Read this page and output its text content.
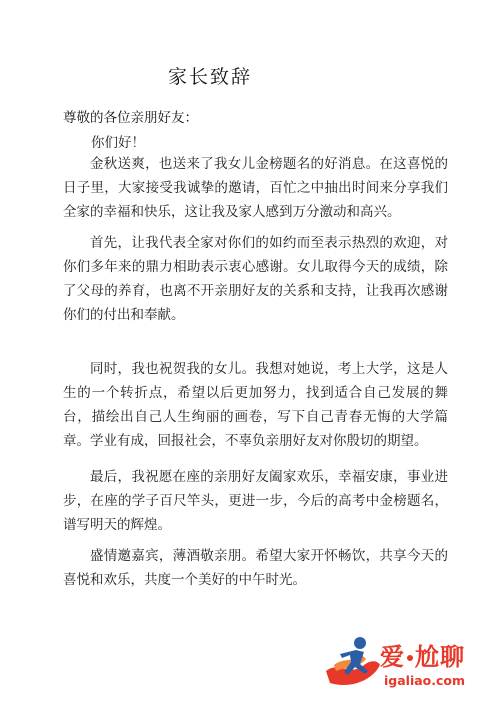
家长致辞
尊敬的各位亲朋好友：
你们好！

金秋送爽，也送来了我女儿金榜题名的好消息。在这喜悦的日子里，大家接受我诚挚的邀请，百忙之中抽出时间来分享我们全家的幸福和快乐，这让我及家人感到万分激动和高兴。

首先，让我代表全家对你们的如约而至表示热烈的欢迎，对你们多年来的鼎力相助表示衷心感谢。女儿取得今天的成绩，除了父母的养育，也离不开亲朋好友的关系和支持，让我再次感谢你们的付出和奉献。

同时，我也祝贺我的女儿。我想对她说，考上大学，这是人生的一个转折点，希望以后更加努力，找到适合自己发展的舞台，描绘出自己人生绚丽的画卷，写下自己青春无悔的大学篇章。学业有成，回报社会，不辜负亲朋好友对你殷切的期望。

最后，我祝愿在座的亲朋好友阖家欢乐，幸福安康，事业进步，在座的学子百尺竿头，更进一步，今后的高考中金榜题名，谱写明天的辉煌。

盛情邀嘉宾，薄酒敬亲朋。希望大家开怀畅饮，共享今天的喜悦和欢乐，共度一个美好的中午时光。

爱 尬聊
igaliao.com
